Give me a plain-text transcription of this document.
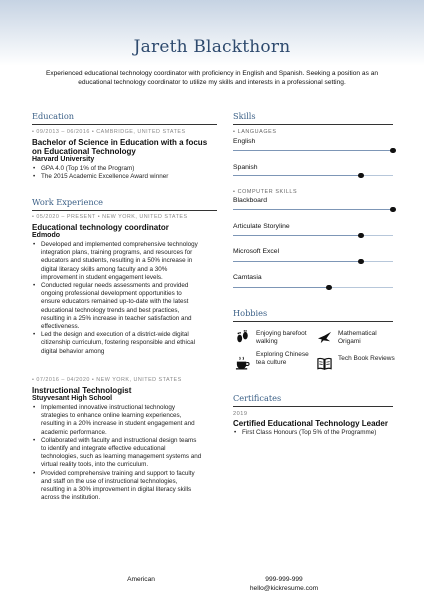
Jareth Blackthorn
Experienced educational technology coordinator with proficiency in English and Spanish. Seeking a position as an educational technology coordinator to utilize my skills and interests in a professional setting.
Education
• 09/2013 – 06/2016 • CAMBRIDGE, UNITED STATES
Bachelor of Science in Education with a focus on Educational Technology
Harvard University
• GPA 4.0 (Top 1% of the Program)
• The 2015 Academic Excellence Award winner
Work Experience
• 05/2020 – PRESENT • NEW YORK, UNITED STATES
Educational technology coordinator
Edmodo
• Developed and implemented comprehensive technology integration plans, training programs, and resources for educators and students, resulting in a 50% increase in digital literacy skills among faculty and a 30% improvement in student engagement levels.
• Conducted regular needs assessments and provided ongoing professional development opportunities to ensure educators remained up-to-date with the latest educational technology trends and best practices, resulting in a 25% increase in teacher satisfaction and effectiveness.
• Led the design and execution of a district-wide digital citizenship curriculum, fostering responsible and ethical digital behavior among
• 07/2016 – 04/2020 • NEW YORK, UNITED STATES
Instructional Technologist
Stuyvesant High School
• Implemented innovative instructional technology strategies to enhance online learning experiences, resulting in a 20% increase in student engagement and academic performance.
• Collaborated with faculty and instructional design teams to identify and integrate effective educational technologies, such as learning management systems and virtual reality tools, into the curriculum.
• Provided comprehensive training and support to faculty and staff on the use of instructional technologies, resulting in a 30% improvement in digital literacy skills across the institution.
Skills
• LANGUAGES
English
Spanish
• COMPUTER SKILLS
Blackboard
Articulate Storyline
Microsoft Excel
Camtasia
Hobbies
Enjoying barefoot walking
Mathematical Origami
Exploring Chinese tea culture
Tech Book Reviews
Certificates
2019
Certified Educational Technology Leader
• First Class Honours (Top 5% of the Programme)
American	999-999-999
hello@kickresume.com
